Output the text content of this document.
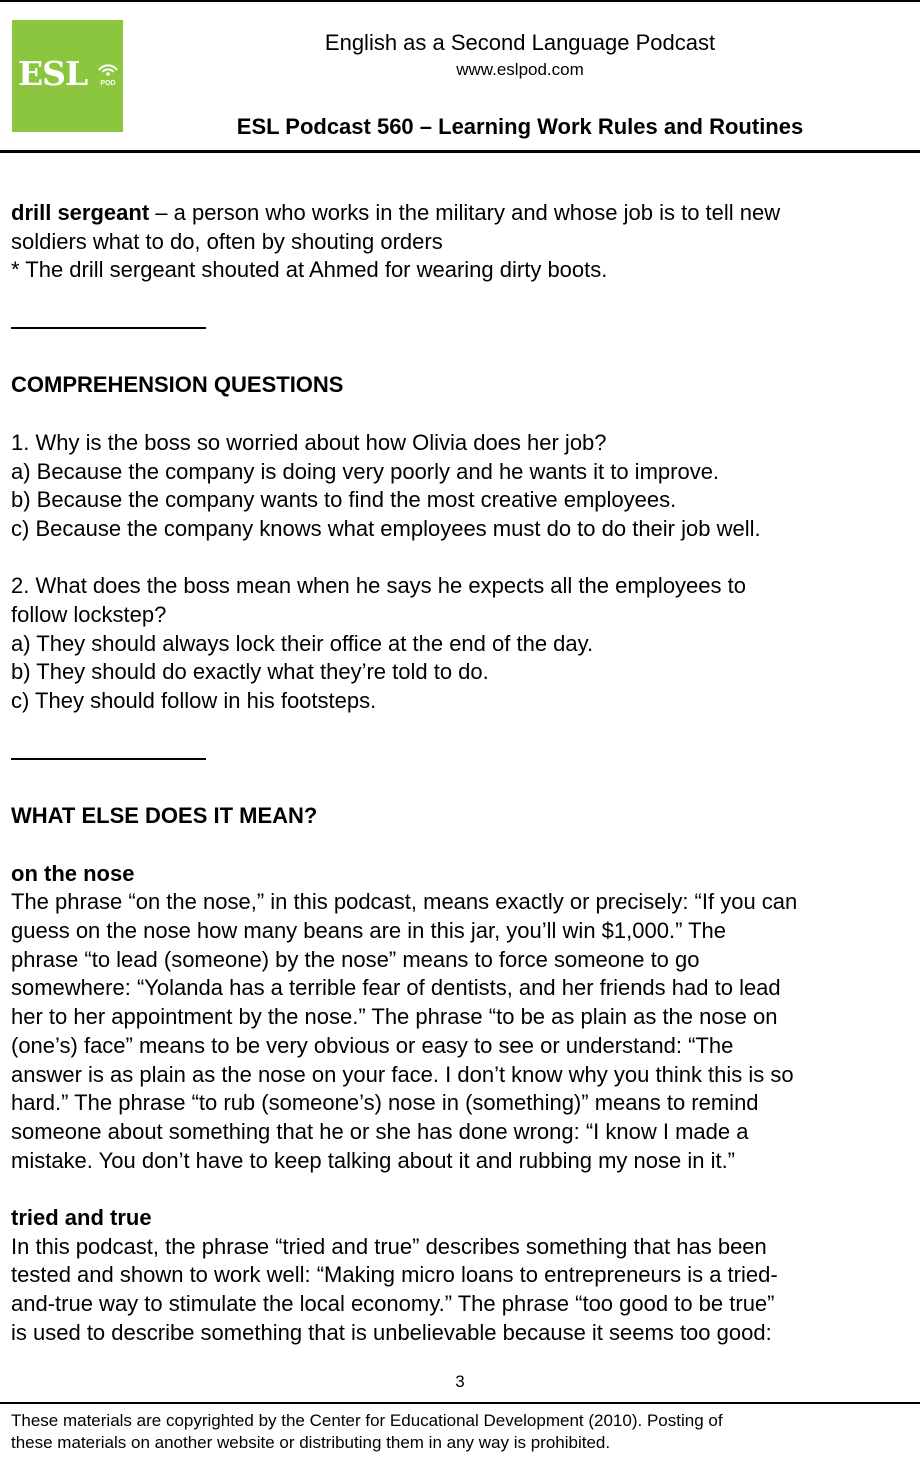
ESL POD
English as a Second Language Podcast
www.eslpod.com
ESL Podcast 560 – Learning Work Rules and Routines

drill sergeant – a person who works in the military and whose job is to tell new

soldiers what to do, often by shouting orders

* The drill sergeant shouted at Ahmed for wearing dirty boots.

COMPREHENSION QUESTIONS

1. Why is the boss so worried about how Olivia does her job?

a) Because the company is doing very poorly and he wants it to improve.

b) Because the company wants to find the most creative employees.

c) Because the company knows what employees must do to do their job well.

2. What does the boss mean when he says he expects all the employees to

follow lockstep?

a) They should always lock their office at the end of the day.

b) They should do exactly what they’re told to do.

c) They should follow in his footsteps.

WHAT ELSE DOES IT MEAN?

on the nose

The phrase “on the nose,” in this podcast, means exactly or precisely: “If you can

guess on the nose how many beans are in this jar, you’ll win $1,000.” The

phrase “to lead (someone) by the nose” means to force someone to go

somewhere: “Yolanda has a terrible fear of dentists, and her friends had to lead

her to her appointment by the nose.” The phrase “to be as plain as the nose on

(one’s) face” means to be very obvious or easy to see or understand: “The

answer is as plain as the nose on your face. I don’t know why you think this is so

hard.” The phrase “to rub (someone’s) nose in (something)” means to remind

someone about something that he or she has done wrong: “I know I made a

mistake. You don’t have to keep talking about it and rubbing my nose in it.”

tried and true

In this podcast, the phrase “tried and true” describes something that has been

tested and shown to work well: “Making micro loans to entrepreneurs is a tried-

and-true way to stimulate the local economy.” The phrase “too good to be true”

is used to describe something that is unbelievable because it seems too good:

3
These materials are copyrighted by the Center for Educational Development (2010). Posting of
these materials on another website or distributing them in any way is prohibited.
